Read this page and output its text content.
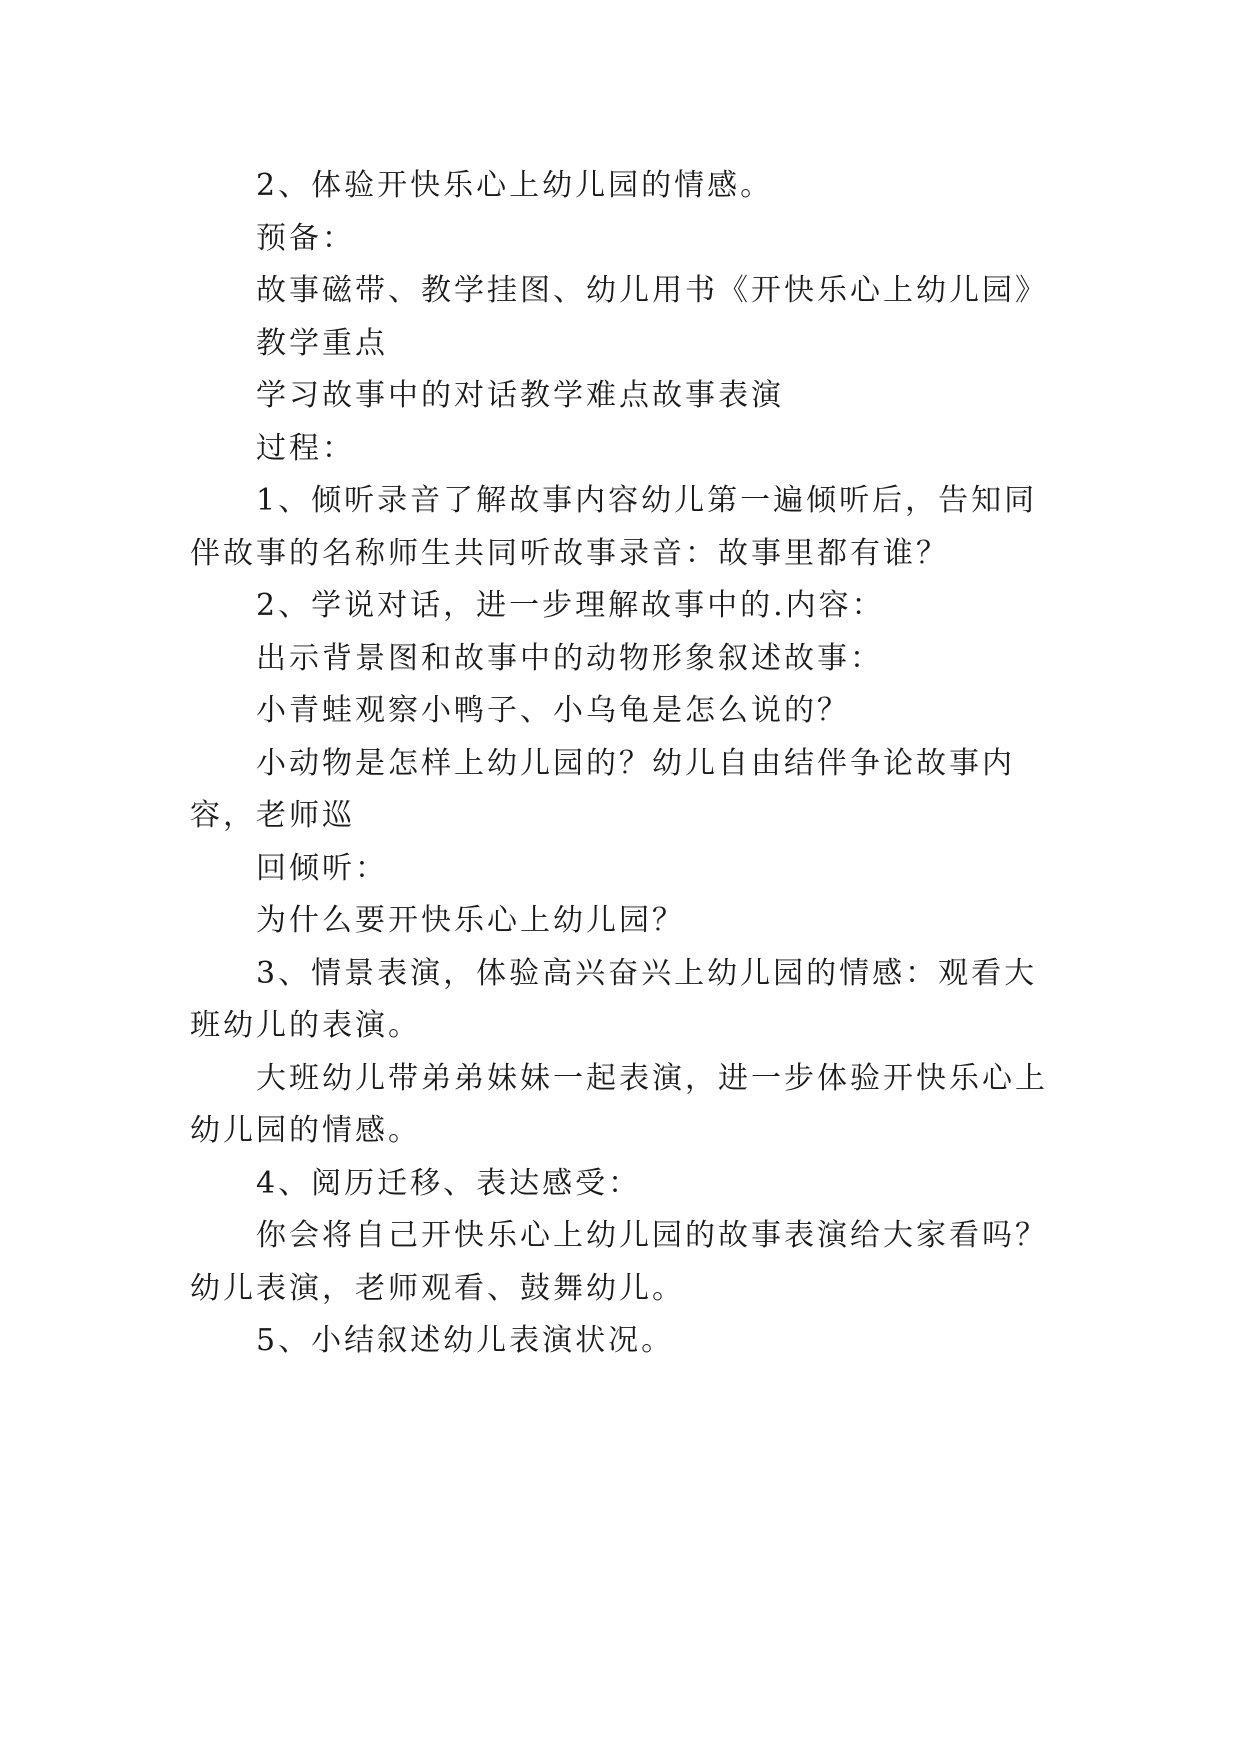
2、体验开快乐心上幼儿园的情感。

预备：

故事磁带、教学挂图、幼儿用书《开快乐心上幼儿园》

教学重点

学习故事中的对话教学难点故事表演

过程：

1、倾听录音了解故事内容幼儿第一遍倾听后，告知同伴故事的名称师生共同听故事录音：故事里都有谁？

2、学说对话，进一步理解故事中的.内容：

出示背景图和故事中的动物形象叙述故事：

小青蛙观察小鸭子、小乌龟是怎么说的？

小动物是怎样上幼儿园的？幼儿自由结伴争论故事内容，老师巡

回倾听：

为什么要开快乐心上幼儿园？

3、情景表演，体验高兴奋兴上幼儿园的情感：观看大班幼儿的表演。

大班幼儿带弟弟妹妹一起表演，进一步体验开快乐心上幼儿园的情感。

4、阅历迁移、表达感受：

你会将自己开快乐心上幼儿园的故事表演给大家看吗？幼儿表演，老师观看、鼓舞幼儿。

5、小结叙述幼儿表演状况。
